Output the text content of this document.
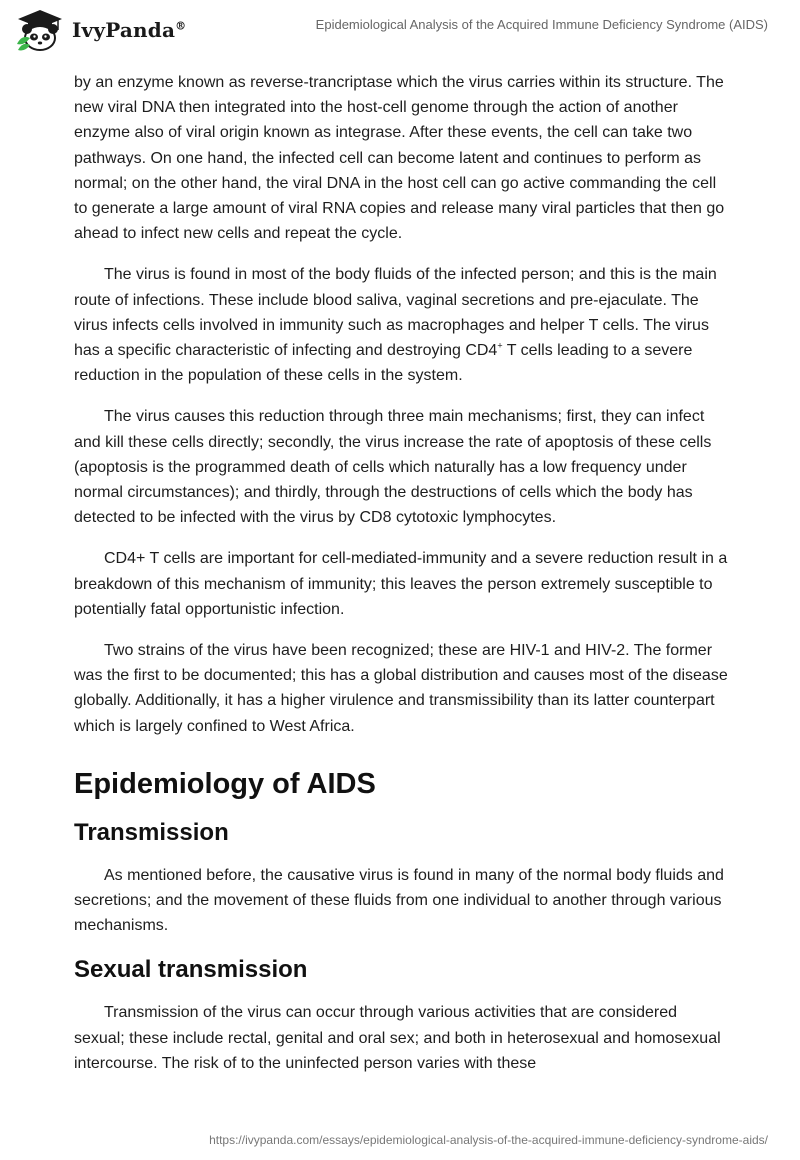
IvyPanda®	Epidemiological Analysis of the Acquired Immune Deficiency Syndrome (AIDS)

by an enzyme known as reverse-trancriptase which the virus carries within its structure. The new viral DNA then integrated into the host-cell genome through the action of another enzyme also of viral origin known as integrase. After these events, the cell can take two pathways. On one hand, the infected cell can become latent and continues to perform as normal; on the other hand, the viral DNA in the host cell can go active commanding the cell to generate a large amount of viral RNA copies and release many viral particles that then go ahead to infect new cells and repeat the cycle.

The virus is found in most of the body fluids of the infected person; and this is the main route of infections. These include blood saliva, vaginal secretions and pre-ejaculate. The virus infects cells involved in immunity such as macrophages and helper T cells. The virus has a specific characteristic of infecting and destroying CD4+ T cells leading to a severe reduction in the population of these cells in the system.

The virus causes this reduction through three main mechanisms; first, they can infect and kill these cells directly; secondly, the virus increase the rate of apoptosis of these cells (apoptosis is the programmed death of cells which naturally has a low frequency under normal circumstances); and thirdly, through the destructions of cells which the body has detected to be infected with the virus by CD8 cytotoxic lymphocytes.

CD4+ T cells are important for cell-mediated-immunity and a severe reduction result in a breakdown of this mechanism of immunity; this leaves the person extremely susceptible to potentially fatal opportunistic infection.

Two strains of the virus have been recognized; these are HIV-1 and HIV-2. The former was the first to be documented; this has a global distribution and causes most of the disease globally. Additionally, it has a higher virulence and transmissibility than its latter counterpart which is largely confined to West Africa.

Epidemiology of AIDS
Transmission

As mentioned before, the causative virus is found in many of the normal body fluids and secretions; and the movement of these fluids from one individual to another through various mechanisms.

Sexual transmission

Transmission of the virus can occur through various activities that are considered sexual; these include rectal, genital and oral sex; and both in heterosexual and homosexual intercourse. The risk of to the uninfected person varies with these

https://ivypanda.com/essays/epidemiological-analysis-of-the-acquired-immune-deficiency-syndrome-aids/
